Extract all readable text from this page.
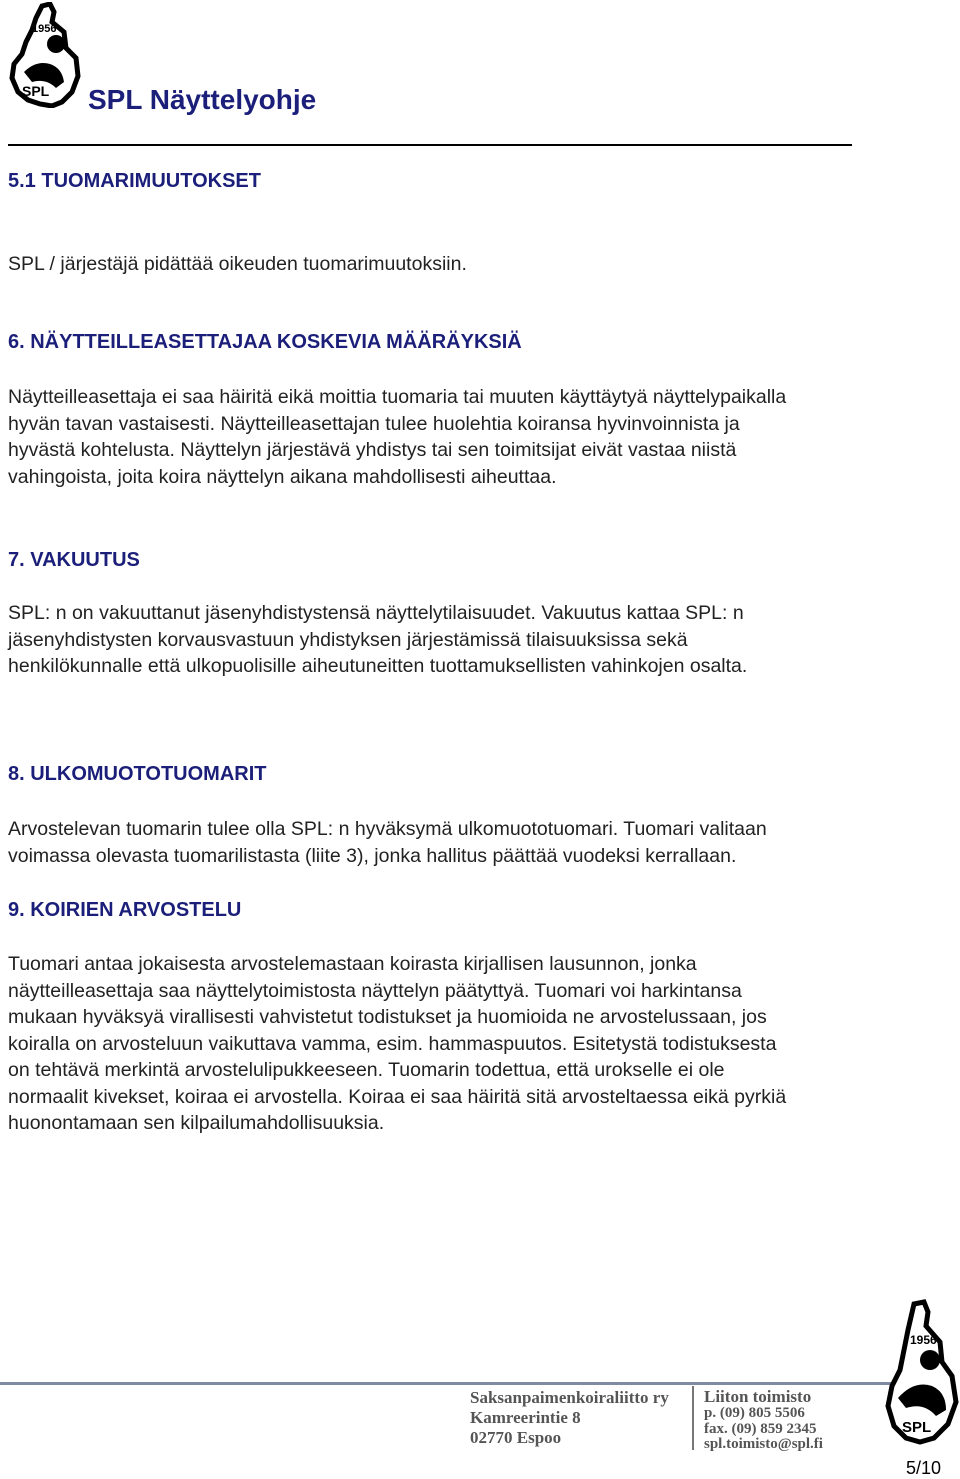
1956
SPL SPL Näyttelyohje
5.1 TUOMARIMUUTOKSET
SPL / järjestäjä pidättää oikeuden tuomarimuutoksiin.
6. NÄYTTEILLEASETTAJAA KOSKEVIA MÄÄRÄYKSIÄ
Näytteilleasettaja ei saa häiritä eikä moittia tuomaria tai muuten käyttäytyä näyttelypaikalla
hyvän tavan vastaisesti. Näytteilleasettajan tulee huolehtia koiransa hyvinvoinnista ja
hyvästä kohtelusta. Näyttelyn järjestävä yhdistys tai sen toimitsijat eivät vastaa niistä
vahingoista, joita koira näyttelyn aikana mahdollisesti aiheuttaa.
7. VAKUUTUS
SPL: n on vakuuttanut jäsenyhdistystensä näyttelytilaisuudet. Vakuutus kattaa SPL: n
jäsenyhdistysten korvausvastuun yhdistyksen järjestämissä tilaisuuksissa sekä
henkilökunnalle että ulkopuolisille aiheutuneitten tuottamuksellisten vahinkojen osalta.
8. ULKOMUOTOTUOMARIT
Arvostelevan tuomarin tulee olla SPL: n hyväksymä ulkomuototuomari. Tuomari valitaan
voimassa olevasta tuomarilistasta (liite 3), jonka hallitus päättää vuodeksi kerrallaan.
9. KOIRIEN ARVOSTELU
Tuomari antaa jokaisesta arvostelemastaan koirasta kirjallisen lausunnon, jonka
näytteilleasettaja saa näyttelytoimistosta näyttelyn päätyttyä. Tuomari voi harkintansa
mukaan hyväksyä virallisesti vahvistetut todistukset ja huomioida ne arvostelussaan, jos
koiralla on arvosteluun vaikuttava vamma, esim. hammaspuutos. Esitetystä todistuksesta
on tehtävä merkintä arvostelulipukkeeseen. Tuomarin todettua, että urokselle ei ole
normaalit kivekset, koiraa ei arvostella. Koiraa ei saa häiritä sitä arvosteltaessa eikä pyrkiä
huonontamaan sen kilpailumahdollisuuksia.
Saksanpaimenkoiraliitto ry
Kamreerintie 8
02770 Espoo
Liiton toimisto
p. (09) 805 5506
fax. (09) 859 2345
spl.toimisto@spl.fi
1956
SPL
5/10
